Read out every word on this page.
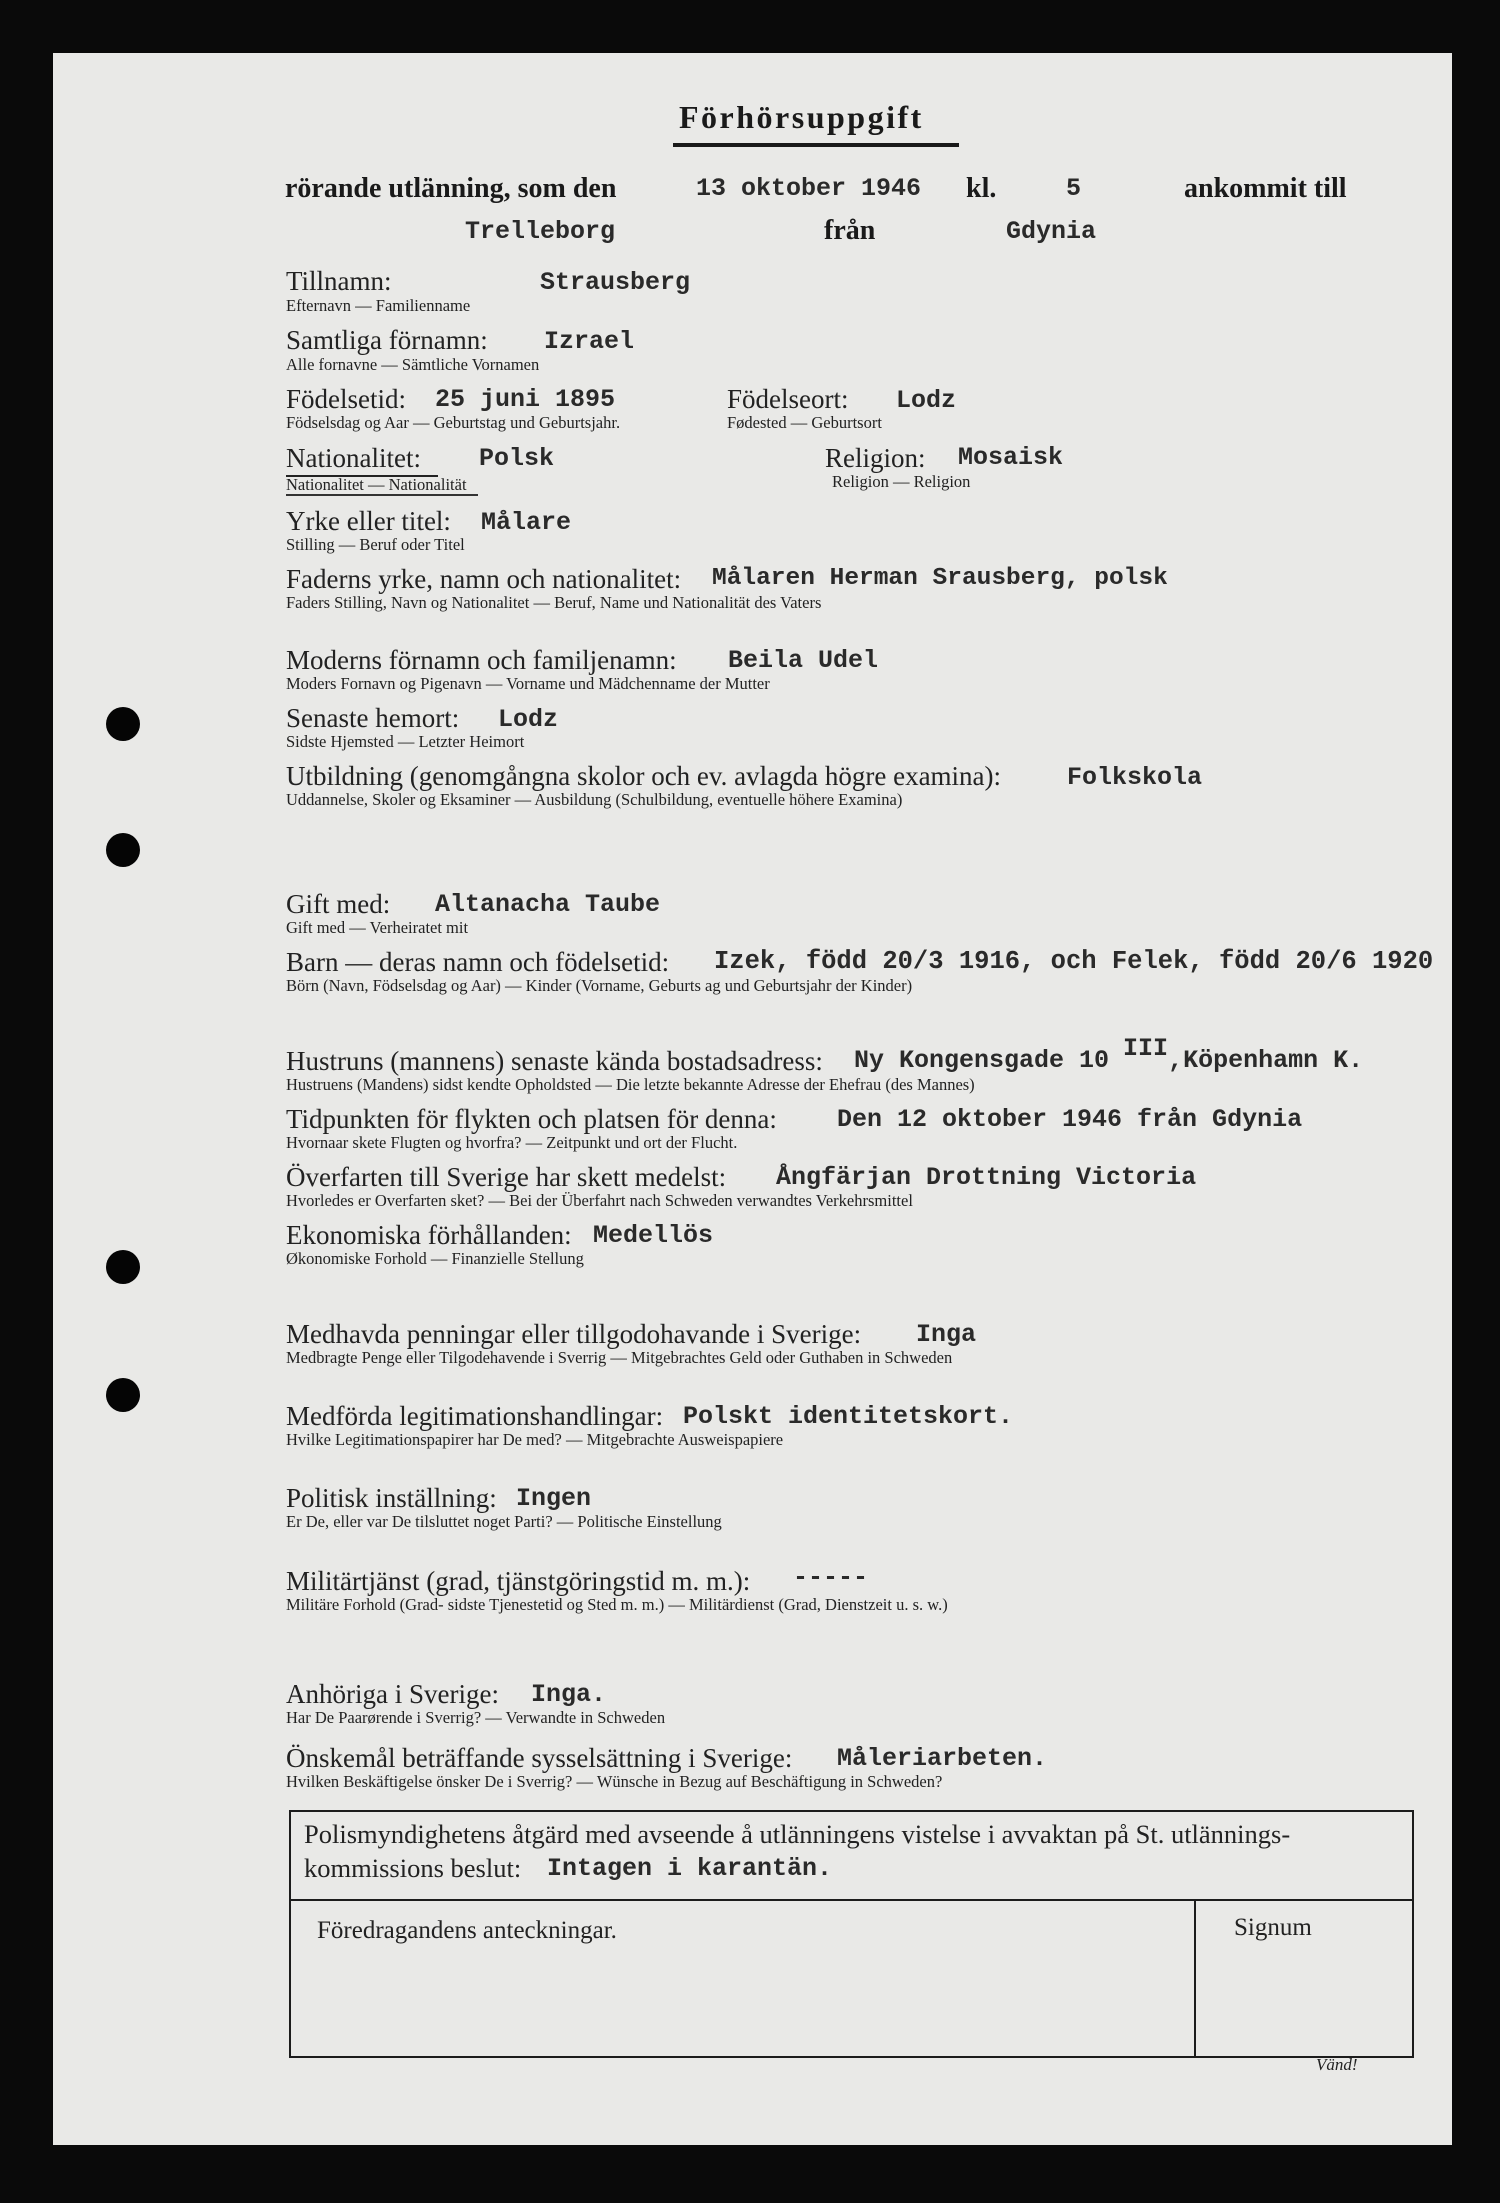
Förhörsuppgift
rörande utlänning, som den	13 oktober 1946 kl.	5	ankommit till
Trelleborg	från	Gdynia
Tillnamn:	Strausberg
Efternavn — Familienname
Samtliga förnamn: Izrael
Alle fornavne — Sämtliche Vornamen
Födelsetid: 25 juni 1895
Födselsdag og Aar — Geburtstag und Geburtsjahr.
Födelseort: Lodz
Fødested — Geburtsort
Nationalitet: Polsk
Nationalitet — Nationalität
Religion: Mosaisk
Religion — Religion
Yrke eller titel: Målare
Stilling — Beruf oder Titel
Faderns yrke, namn och nationalitet: Målaren Herman Srausberg, polsk
Faders Stilling, Navn og Nationalitet — Beruf, Name und Nationalität des Vaters
Moderns förnamn och familjenamn: Beila Udel
Moders Fornavn og Pigenavn — Vorname und Mädchenname der Mutter
Senaste hemort: Lodz
Sidste Hjemsted — Letzter Heimort
Utbildning (genomgångna skolor och ev. avlagda högre examina):	Folkskola
Uddannelse, Skoler og Eksaminer — Ausbildung (Schulbildung, eventuelle höhere Examina)
Gift med: Altanacha Taube
Gift med — Verheiratet mit
Barn — deras namn och födelsetid: Izek, född 20/3 1916, och Felek, född 20/6 1920
Börn (Navn, Födselsdag og Aar) — Kinder (Vorname, Geburts ag und Geburtsjahr der Kinder)
Hustruns (mannens) senaste kända bostadsadress: Ny Kongensgade 10 III,Köpenhamn K.
Hustruens (Mandens) sidst kendte Opholdsted — Die letzte bekannte Adresse der Ehefrau (des Mannes)
Tidpunkten för flykten och platsen för denna: Den 12 oktober 1946 från Gdynia
Hvornaar skete Flugten og hvorfra? — Zeitpunkt und ort der Flucht.
Överfarten till Sverige har skett medelst: Ångfärjan Drottning Victoria
Hvorledes er Overfarten sket? — Bei der Überfahrt nach Schweden verwandtes Verkehrsmittel
Ekonomiska förhållanden: Medellös
Økonomiske Forhold — Finanzielle Stellung
Medhavda penningar eller tillgodohavande i Sverige: Inga
Medbragte Penge eller Tilgodehavende i Sverrig — Mitgebrachtes Geld oder Guthaben in Schweden
Medförda legitimationshandlingar: Polskt identitetskort.
Hvilke Legitimationspapirer har De med? — Mitgebrachte Ausweispapiere
Politisk inställning: Ingen
Er De, eller var De tilsluttet noget Parti? — Politische Einstellung
Militärtjänst (grad, tjänstgöringstid m. m.): -----
Militäre Forhold (Grad- sidste Tjenestetid og Sted m. m.) — Militärdienst (Grad, Dienstzeit u. s. w.)
Anhöriga i Sverige: Inga.
Har De Paarørende i Sverrig? — Verwandte in Schweden
Önskemål beträffande sysselsättning i Sverige: Måleriarbeten.
Hvilken Beskäftigelse önsker De i Sverrig? — Wünsche in Bezug auf Beschäftigung in Schweden?
Polismyndighetens åtgärd med avseende å utlänningens vistelse i avvaktan på St. utlännings-
kommissions beslut: Intagen i karantän.
Föredragandens anteckningar.	Signum
Vänd!
